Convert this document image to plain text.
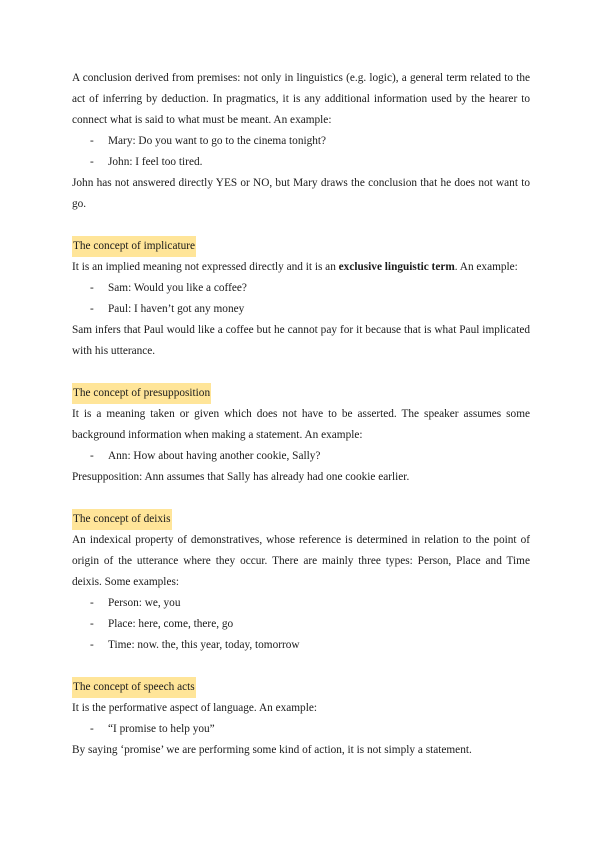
A conclusion derived from premises: not only in linguistics (e.g. logic), a general term related to the act of inferring by deduction. In pragmatics, it is any additional information used by the hearer to connect what is said to what must be meant. An example:

-	Mary: Do you want to go to the cinema tonight?
-	John: I feel too tired.

John has not answered directly YES or NO, but Mary draws the conclusion that he does not want to go.

The concept of implicature

It is an implied meaning not expressed directly and it is an exclusive linguistic term. An example:

-	Sam: Would you like a coffee?
-	Paul: I haven’t got any money

Sam infers that Paul would like a coffee but he cannot pay for it because that is what Paul implicated with his utterance.

The concept of presupposition

It is a meaning taken or given which does not have to be asserted. The speaker assumes some background information when making a statement. An example:

-	Ann: How about having another cookie, Sally?

Presupposition: Ann assumes that Sally has already had one cookie earlier.

The concept of deixis

An indexical property of demonstratives, whose reference is determined in relation to the point of origin of the utterance where they occur. There are mainly three types: Person, Place and Time deixis. Some examples:

-	Person: we, you
-	Place: here, come, there, go
-	Time: now. the, this year, today, tomorrow

The concept of speech acts

It is the performative aspect of language. An example:

-	“I promise to help you”

By saying ‘promise’ we are performing some kind of action, it is not simply a statement.
